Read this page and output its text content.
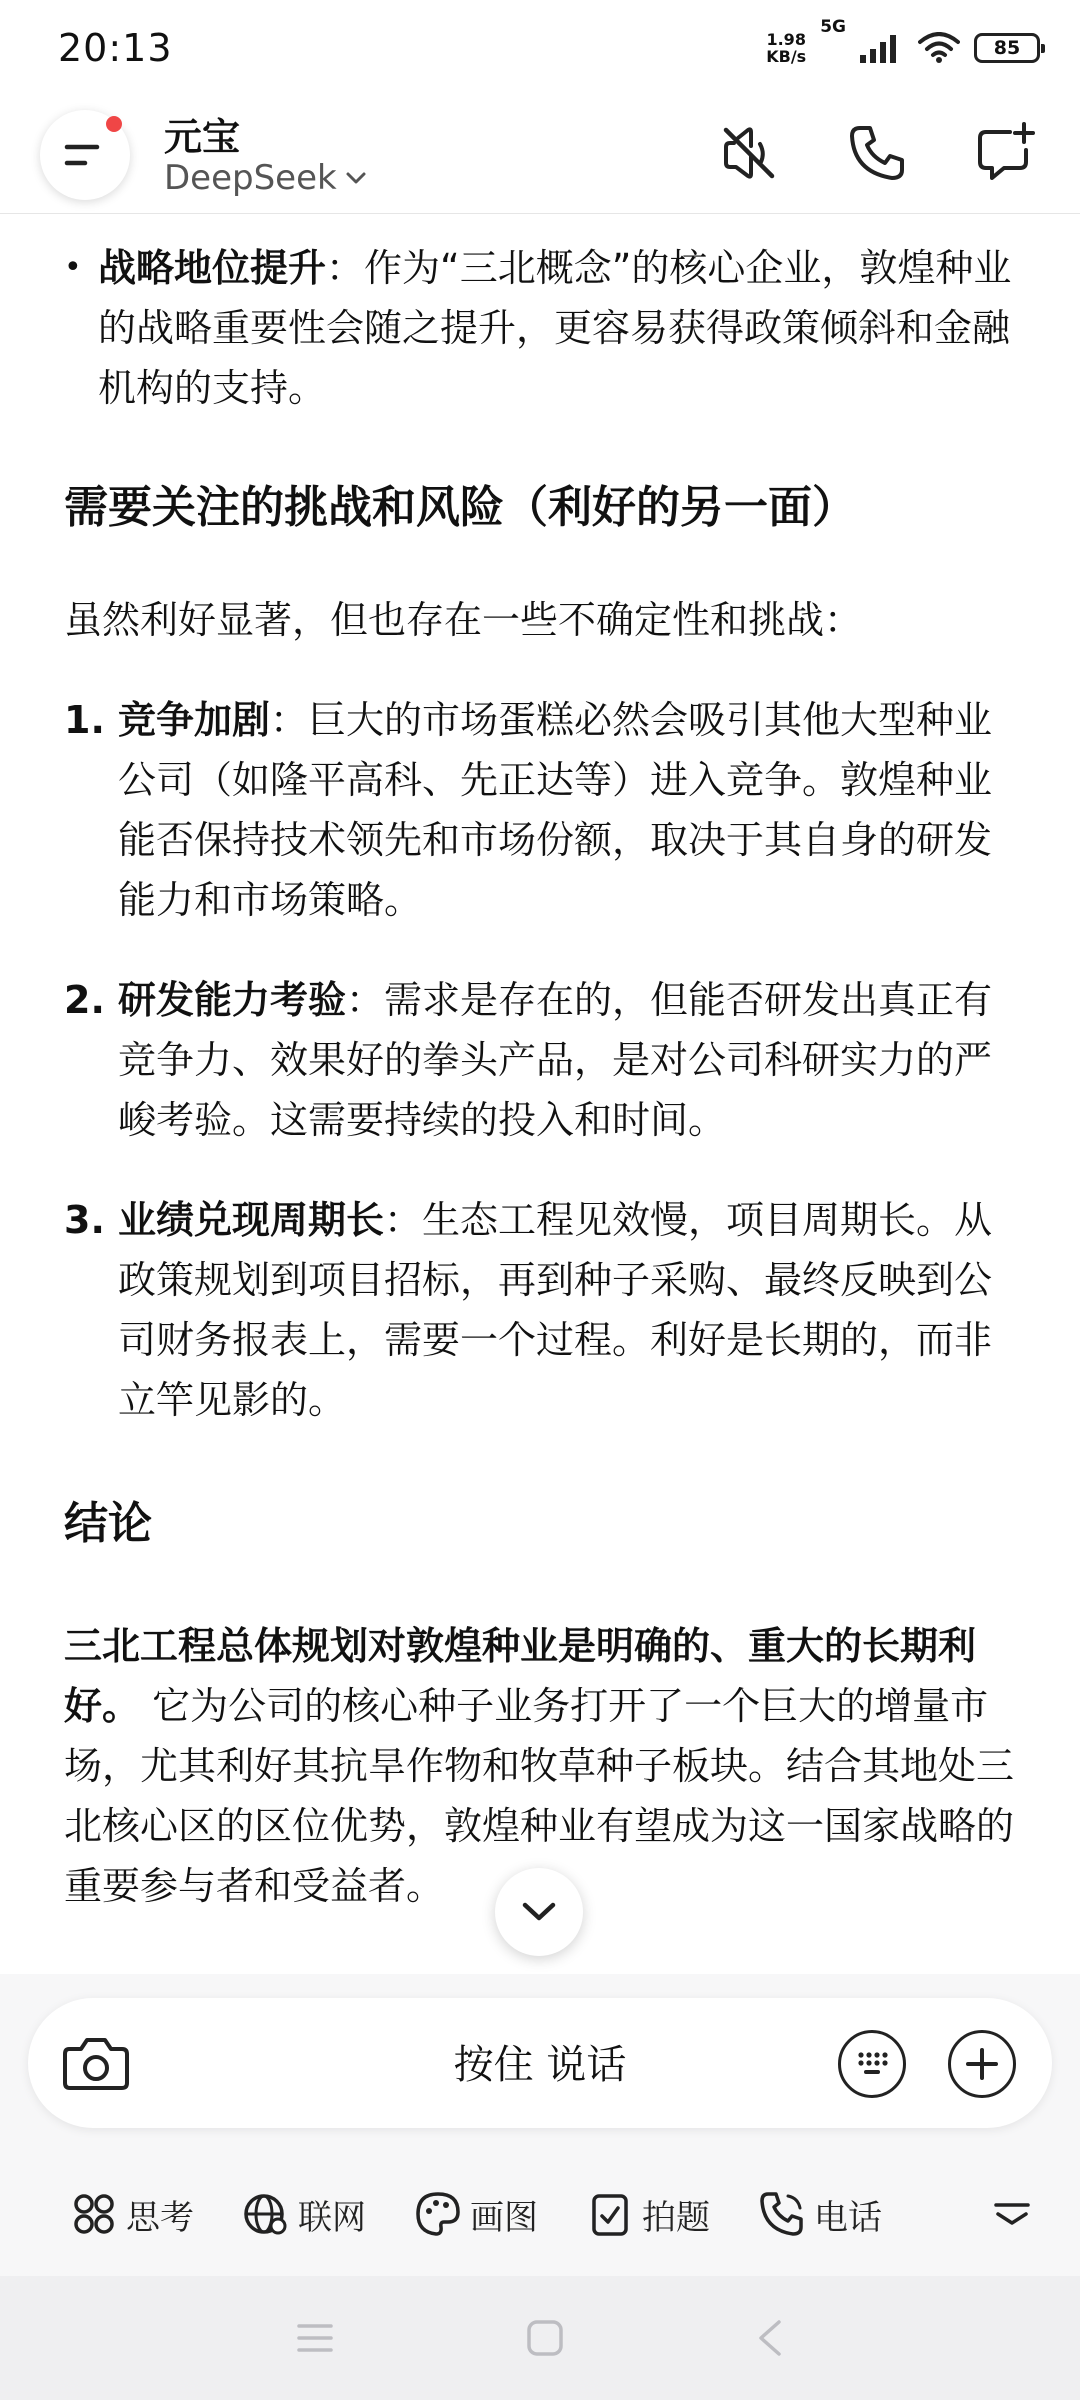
20:13	1.98
KB/s
5G
85
元宝
DeepSeek
• 战略地位提升：作为“三北概念”的核心企业，敦煌种业的战略重要性会随之提升，更容易获得政策倾斜和金融机构的支持。
需要关注的挑战和风险（利好的另一面）
虽然利好显著，但也存在一些不确定性和挑战：
1. 竞争加剧：巨大的市场蛋糕必然会吸引其他大型种业公司（如隆平高科、先正达等）进入竞争。敦煌种业能否保持技术领先和市场份额，取决于其自身的研发能力和市场策略。
2. 研发能力考验：需求是存在的，但能否研发出真正有竞争力、效果好的拳头产品，是对公司科研实力的严峻考验。这需要持续的投入和时间。
3. 业绩兑现周期长：生态工程见效慢，项目周期长。从政策规划到项目招标，再到种子采购、最终反映到公司财务报表上，需要一个过程。利好是长期的，而非立竿见影的。
结论
三北工程总体规划对敦煌种业是明确的、重大的长期利好。 它为公司的核心种子业务打开了一个巨大的增量市场，尤其利好其抗旱作物和牧草种子板块。结合其地处三北核心区的区位优势，敦煌种业有望成为这一国家战略的重要参与者和受益者。
按住 说话
思考	联网	画图	拍题	电话
